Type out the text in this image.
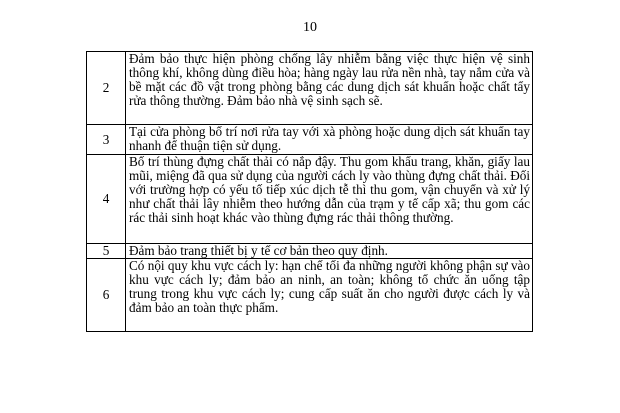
10
2	Đảm bảo thực hiện phòng chống lây nhiễm bằng việc thực hiện vệ sinh thông khí, không dùng điều hòa; hàng ngày lau rửa nền nhà, tay nắm cửa và bề mặt các đồ vật trong phòng bằng các dung dịch sát khuẩn hoặc chất tẩy rửa thông thường. Đảm bảo nhà vệ sinh sạch sẽ.
3	Tại cửa phòng bố trí nơi rửa tay với xà phòng hoặc dung dịch sát khuẩn tay nhanh để thuận tiện sử dụng.
4	Bố trí thùng đựng chất thải có nắp đậy. Thu gom khẩu trang, khăn, giấy lau mũi, miệng đã qua sử dụng của người cách ly vào thùng đựng chất thải. Đối với trường hợp có yếu tố tiếp xúc dịch tễ thì thu gom, vận chuyển và xử lý như chất thải lây nhiễm theo hướng dẫn của trạm y tế cấp xã; thu gom các rác thải sinh hoạt khác vào thùng đựng rác thải thông thường.
5	Đảm bảo trang thiết bị y tế cơ bản theo quy định.
6	Có nội quy khu vực cách ly: hạn chế tối đa những người không phận sự vào khu vực cách ly; đảm bảo an ninh, an toàn; không tổ chức ăn uống tập trung trong khu vực cách ly; cung cấp suất ăn cho người được cách ly và đảm bảo an toàn thực phẩm.
